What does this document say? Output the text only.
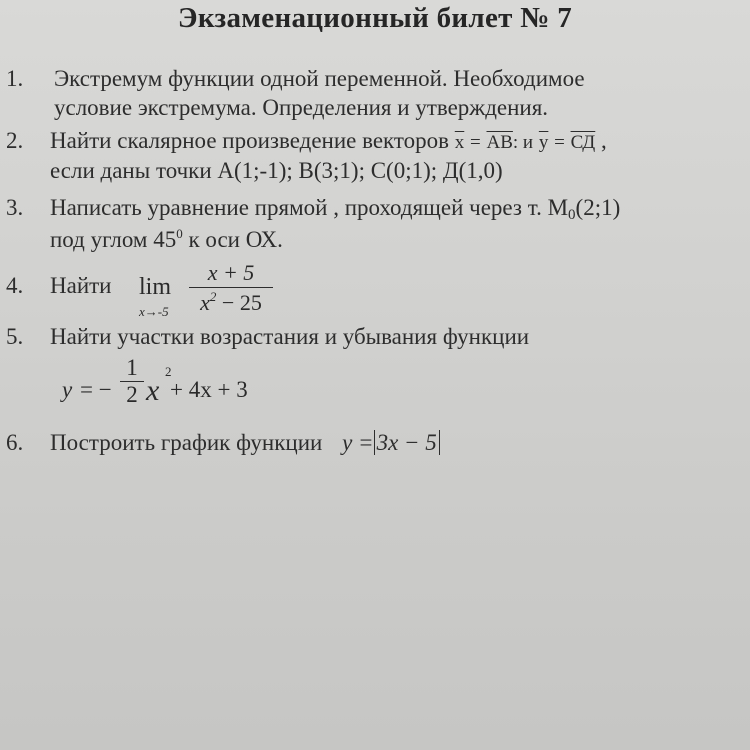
Экзаменационный билет № 7
1. Экстремум функции одной переменной. Необходимое
условие экстремума. Определения и утверждения.
2. Найти скалярное произведение векторов $\overline{x} = \overline{AB}$: и $\overline{y}$ = СД ,
если даны точки А(1;-1); В(3;1); С(0;1); Д(1,0)
3. Написать уравнение прямой , проходящей через т. $М_0(2;1)$
под углом $45^0$ к оси ОХ.
4. Найти lim
x→-5
x + 5
$x^2 - 25$
5. Найти участки возрастания и убывания функции
y = −
1
2 x
2
+ 4x + 3
6. Построить график функции y = 3x − 5
